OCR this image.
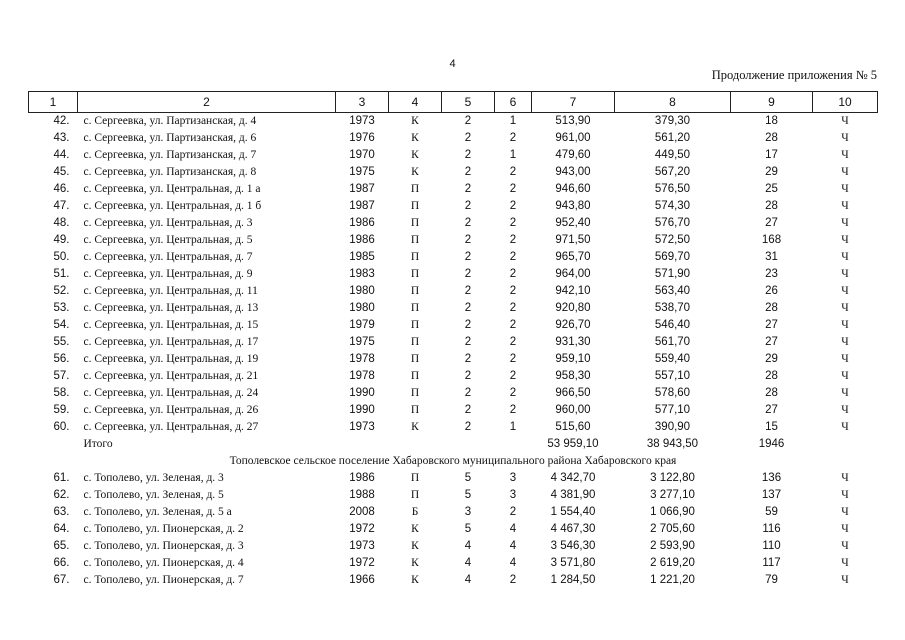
4
Продолжение приложения № 5
1	2	3	4	5	6	7	8	9	10
42.	с. Сергеевка, ул. Партизанская, д. 4	1973	К	2	1	513,90	379,30	18	Ч
43.	с. Сергеевка, ул. Партизанская, д. 6	1976	К	2	2	961,00	561,20	28	Ч
44.	с. Сергеевка, ул. Партизанская, д. 7	1970	К	2	1	479,60	449,50	17	Ч
45.	с. Сергеевка, ул. Партизанская, д. 8	1975	К	2	2	943,00	567,20	29	Ч
46.	с. Сергеевка, ул. Центральная, д. 1 а	1987	П	2	2	946,60	576,50	25	Ч
47.	с. Сергеевка, ул. Центральная, д. 1 б	1987	П	2	2	943,80	574,30	28	Ч
48.	с. Сергеевка, ул. Центральная, д. 3	1986	П	2	2	952,40	576,70	27	Ч
49.	с. Сергеевка, ул. Центральная, д. 5	1986	П	2	2	971,50	572,50	168	Ч
50.	с. Сергеевка, ул. Центральная, д. 7	1985	П	2	2	965,70	569,70	31	Ч
51.	с. Сергеевка, ул. Центральная, д. 9	1983	П	2	2	964,00	571,90	23	Ч
52.	с. Сергеевка, ул. Центральная, д. 11	1980	П	2	2	942,10	563,40	26	Ч
53.	с. Сергеевка, ул. Центральная, д. 13	1980	П	2	2	920,80	538,70	28	Ч
54.	с. Сергеевка, ул. Центральная, д. 15	1979	П	2	2	926,70	546,40	27	Ч
55.	с. Сергеевка, ул. Центральная, д. 17	1975	П	2	2	931,30	561,70	27	Ч
56.	с. Сергеевка, ул. Центральная, д. 19	1978	П	2	2	959,10	559,40	29	Ч
57.	с. Сергеевка, ул. Центральная, д. 21	1978	П	2	2	958,30	557,10	28	Ч
58.	с. Сергеевка, ул. Центральная, д. 24	1990	П	2	2	966,50	578,60	28	Ч
59.	с. Сергеевка, ул. Центральная, д. 26	1990	П	2	2	960,00	577,10	27	Ч
60.	с. Сергеевка, ул. Центральная, д. 27	1973	К	2	1	515,60	390,90	15	Ч
	Итого					53 959,10	38 943,50	1946	
Тополевское сельское поселение Хабаровского муниципального района Хабаровского края									
61.	с. Тополево, ул. Зеленая, д. 3	1986	П	5	3	4 342,70	3 122,80	136	Ч
62.	с. Тополево, ул. Зеленая, д. 5	1988	П	5	3	4 381,90	3 277,10	137	Ч
63.	с. Тополево, ул. Зеленая, д. 5 а	2008	Б	3	2	1 554,40	1 066,90	59	Ч
64.	с. Тополево, ул. Пионерская, д. 2	1972	К	5	4	4 467,30	2 705,60	116	Ч
65.	с. Тополево, ул. Пионерская, д. 3	1973	К	4	4	3 546,30	2 593,90	110	Ч
66.	с. Тополево, ул. Пионерская, д. 4	1972	К	4	4	3 571,80	2 619,20	117	Ч
67.	с. Тополево, ул. Пионерская, д. 7	1966	К	4	2	1 284,50	1 221,20	79	Ч
